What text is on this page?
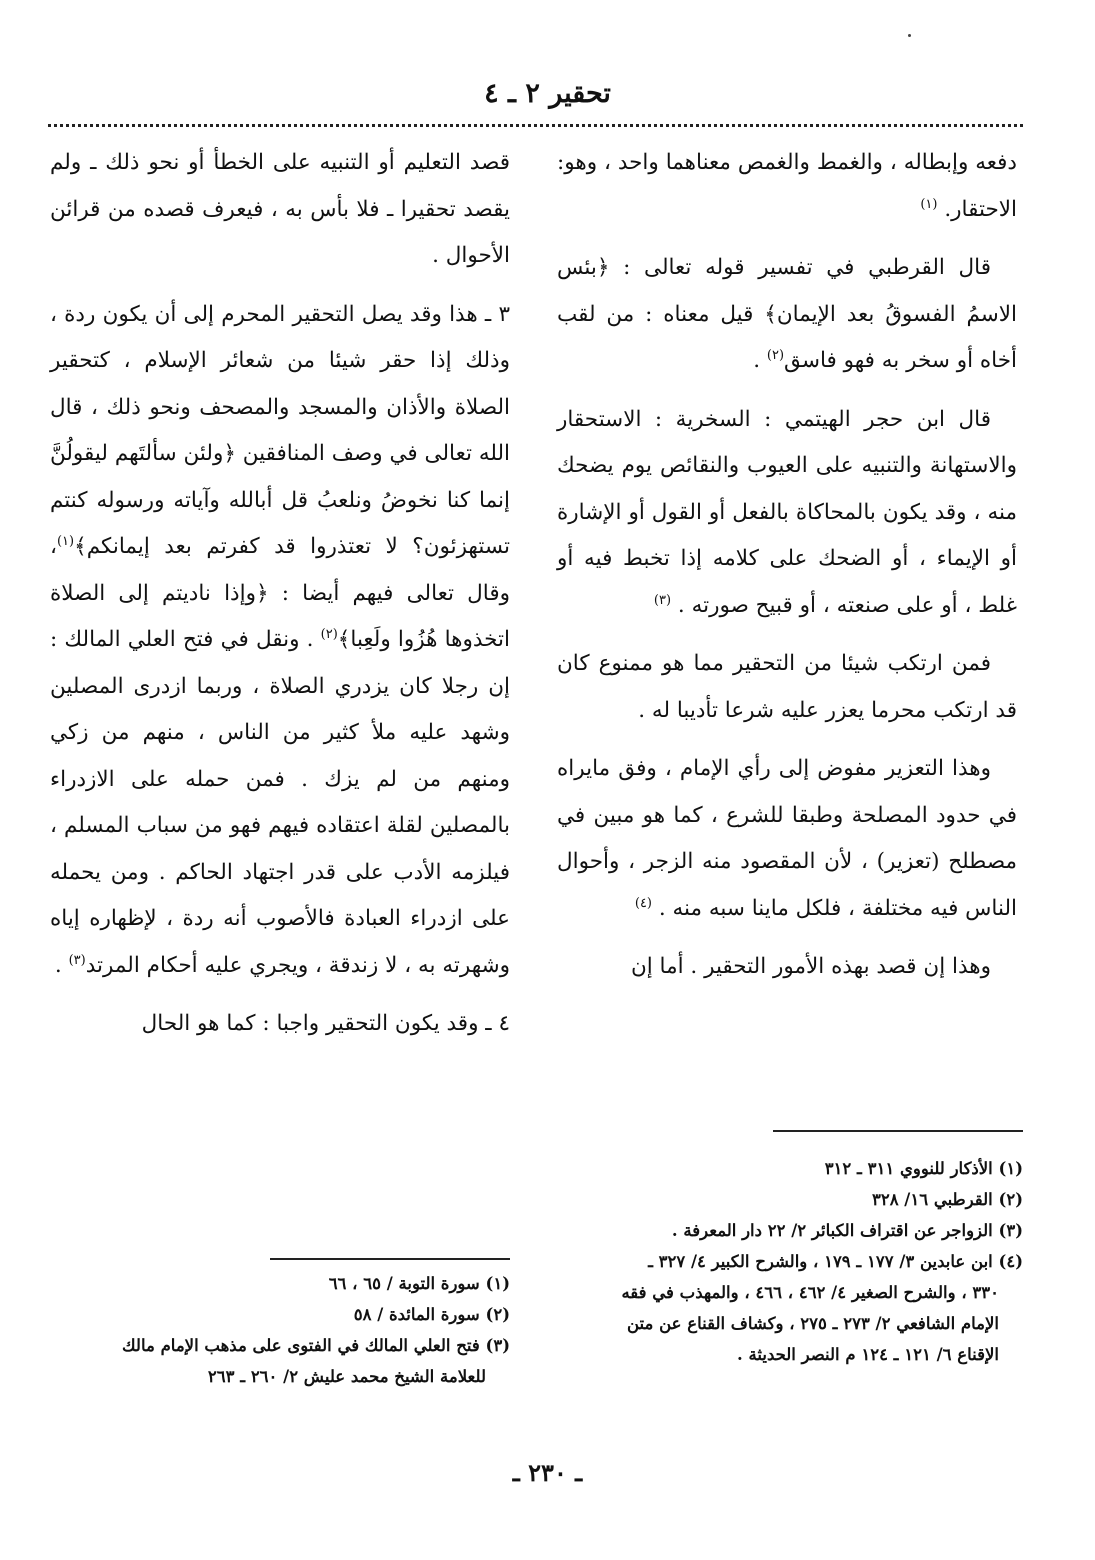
تحقير ٢ ـ ٤

دفعه وإبطاله ، والغمط والغمص معناهما واحد ، وهو: الاحتقار. $^{(١)}$

قال القرطبي في تفسير قوله تعالى : ﴿بئس الاسمُ الفسوقُ بعد الإيمان﴾ قيل معناه : من لقب أخاه أو سخر به فهو فاسق$^{(٢)}$ .

قال ابن حجر الهيتمي : السخرية : الاستحقار والاستهانة والتنبيه على العيوب والنقائص يوم يضحك منه ، وقد يكون بالمحاكاة بالفعل أو القول أو الإشارة أو الإيماء ، أو الضحك على كلامه إذا تخبط فيه أو غلط ، أو على صنعته ، أو قبيح صورته . $^{(٣)}$

فمن ارتكب شيئا من التحقير مما هو ممنوع كان قد ارتكب محرما يعزر عليه شرعا تأديبا له .

وهذا التعزير مفوض إلى رأي الإمام ، وفق مايراه في حدود المصلحة وطبقا للشرع ، كما هو مبين في مصطلح (تعزير) ، لأن المقصود منه الزجر ، وأحوال الناس فيه مختلفة ، فلكل ماينا سبه منه . $^{(٤)}$

وهذا إن قصد بهذه الأمور التحقير . أما إن

(١) الأذكار للنووي ٣١١ ـ ٣١٢
(٢) القرطبي ١٦/ ٣٢٨
(٣) الزواجر عن اقتراف الكبائر ٢/ ٢٢ دار المعرفة .
(٤) ابن عابدين ٣/ ١٧٧ ـ ١٧٩ ، والشرح الكبير ٤/ ٣٢٧ ـ
٣٣٠ ، والشرح الصغير ٤/ ٤٦٢ ، ٤٦٦ ، والمهذب في فقه
الإمام الشافعي ٢/ ٢٧٣ ـ ٢٧٥ ، وكشاف القناع عن متن
الإقناع ٦/ ١٢١ ـ ١٢٤ م النصر الحديثة .

قصد التعليم أو التنبيه على الخطأ أو نحو ذلك ـ ولم يقصد تحقيرا ـ فلا بأس به ، فيعرف قصده من قرائن الأحوال .

٣ ـ هذا وقد يصل التحقير المحرم إلى أن يكون ردة ، وذلك إذا حقر شيئا من شعائر الإسلام ، كتحقير الصلاة والأذان والمسجد والمصحف ونحو ذلك ، قال الله تعالى في وصف المنافقين ﴿ولئن سألتَهم ليقولُنَّ إنما كنا نخوضُ ونلعبُ قل أبالله وآياته ورسوله كنتم تستهزئون؟ لا تعتذروا قد كفرتم بعد إيمانكم﴾$^{(١)}$، وقال تعالى فيهم أيضا : ﴿وإذا ناديتم إلى الصلاة اتخذوها هُزُوا ولَعِبا﴾$^{(٢)}$ . ونقل في فتح العلي المالك : إن رجلا كان يزدري الصلاة ، وربما ازدرى المصلين وشهد عليه ملأ كثير من الناس ، منهم من زكي ومنهم من لم يزك . فمن حمله على الازدراء بالمصلين لقلة اعتقاده فيهم فهو من سباب المسلم ، فيلزمه الأدب على قدر اجتهاد الحاكم . ومن يحمله على ازدراء العبادة فالأصوب أنه ردة ، لإظهاره إياه وشهرته به ، لا زندقة ، ويجري عليه أحكام المرتد$^{(٣)}$ .

٤ ـ وقد يكون التحقير واجبا : كما هو الحال

(١) سورة التوبة / ٦٥ ، ٦٦
(٢) سورة المائدة / ٥٨
(٣) فتح العلي المالك في الفتوى على مذهب الإمام مالك
للعلامة الشيخ محمد عليش ٢/ ٢٦٠ ـ ٢٦٣
ـ ٢٣٠ ـ
